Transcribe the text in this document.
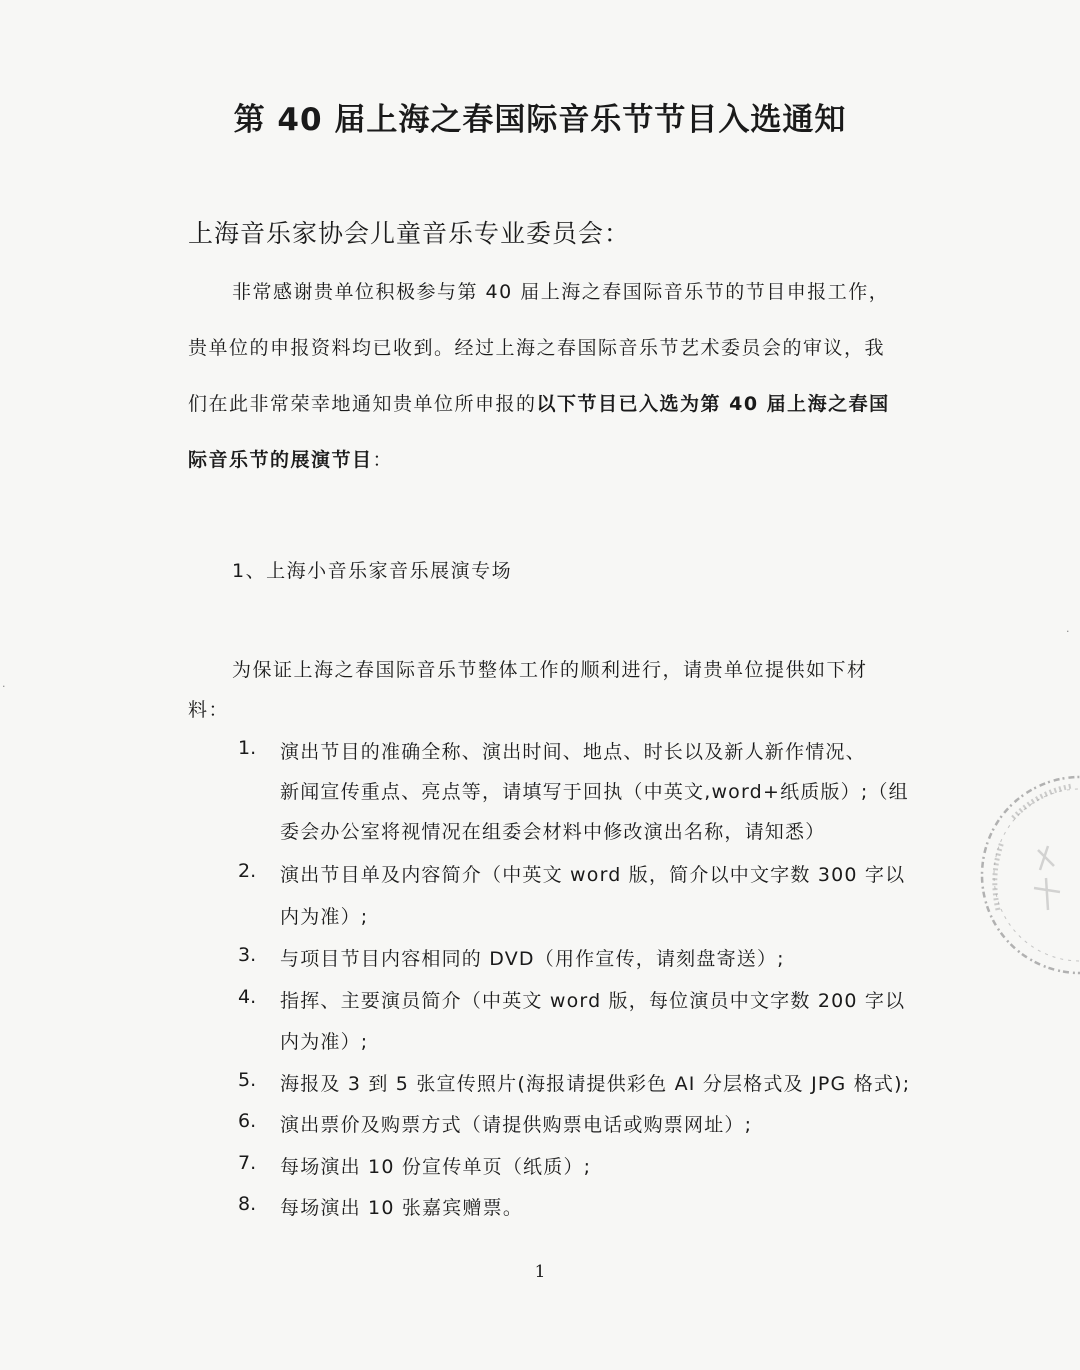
第 40 届上海之春国际音乐节节目入选通知
上海音乐家协会儿童音乐专业委员会：
非常感谢贵单位积极参与第 40 届上海之春国际音乐节的节目申报工作，
贵单位的申报资料均已收到。经过上海之春国际音乐节艺术委员会的审议，我
们在此非常荣幸地通知贵单位所申报的以下节目已入选为第 40 届上海之春国
际音乐节的展演节目：
1、上海小音乐家音乐展演专场
为保证上海之春国际音乐节整体工作的顺利进行，请贵单位提供如下材
料：
1. 演出节目的准确全称、演出时间、地点、时长以及新人新作情况、
新闻宣传重点、亮点等，请填写于回执（中英文,word+纸质版）;（组
委会办公室将视情况在组委会材料中修改演出名称，请知悉）
2. 演出节目单及内容简介（中英文 word 版，简介以中文字数 300 字以
内为准）;
3. 与项目节目内容相同的 DVD（用作宣传，请刻盘寄送）;
4. 指挥、主要演员简介（中英文 word 版，每位演员中文字数 200 字以
内为准）;
5. 海报及 3 到 5 张宣传照片(海报请提供彩色 AI 分层格式及 JPG 格式);
6. 演出票价及购票方式（请提供购票电话或购票网址）;
7. 每场演出 10 份宣传单页（纸质）;
8. 每场演出 10 张嘉宾赠票。
1
·
·
